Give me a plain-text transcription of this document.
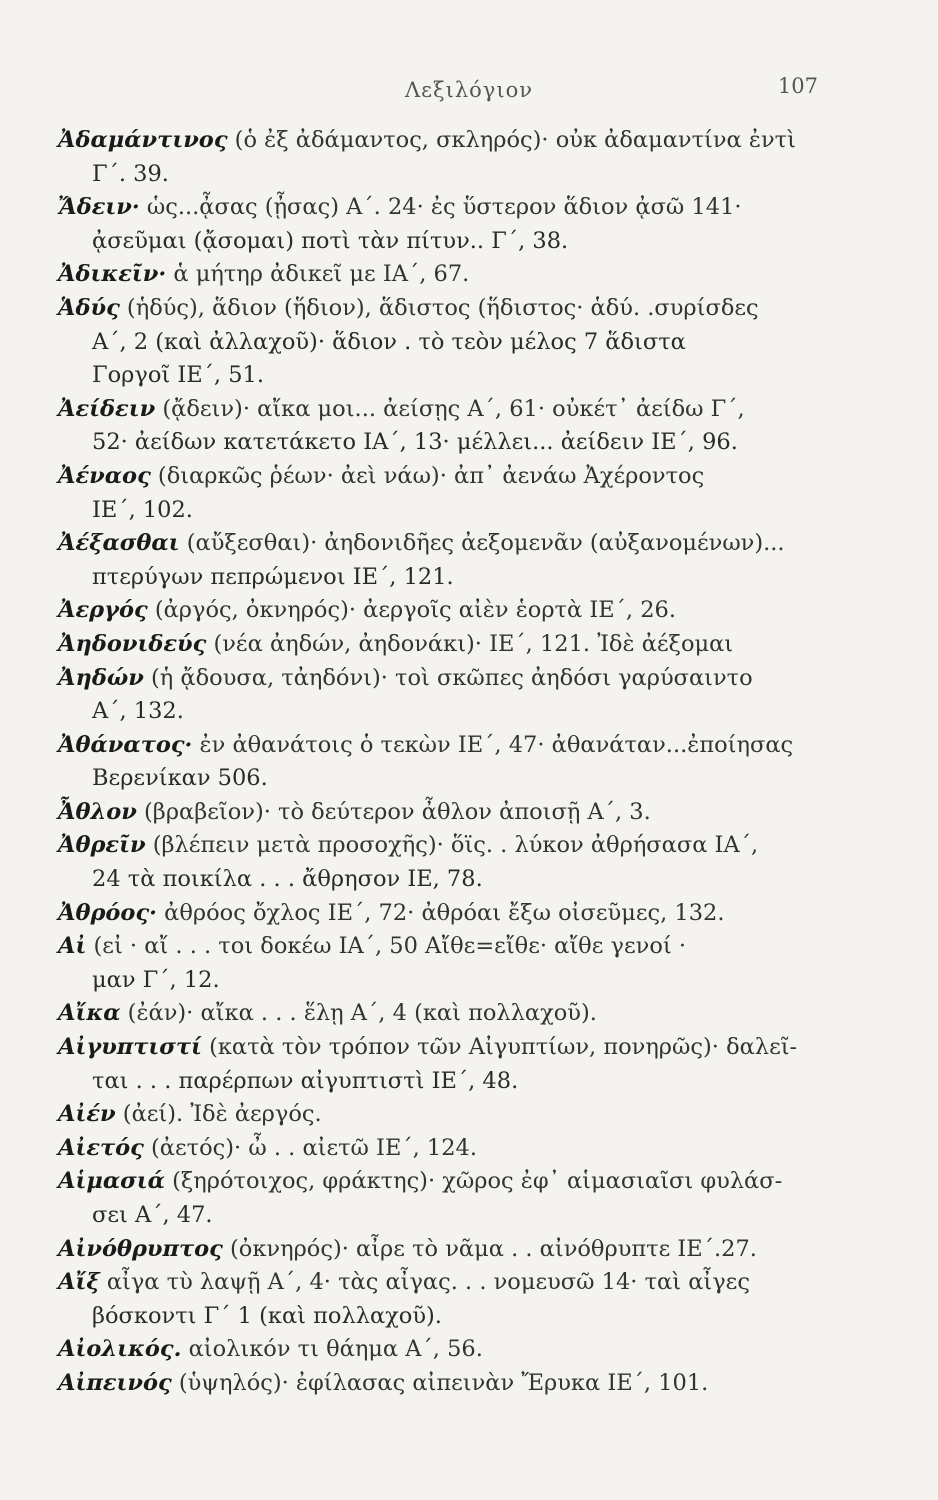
Λεξιλόγιον	107
Ἀδαμάντινος (ὁ ἐξ ἀδάμαντος, σκληρός)· οὐκ ἀδαμαντίνα ἐντὶ
Γ΄. 39.
Ἄδειν· ὡς...ᾆσας (ᾖσας) Α΄. 24· ἐς ὕστερον ἅδιον ᾀσῶ 141·
ᾀσεῦμαι (ᾄσομαι) ποτὶ τὰν πίτυν.. Γ΄, 38.
Ἀδικεῖν· ἁ μήτηρ ἀδικεῖ με ΙΑ΄, 67.
Ἁδύς (ἡδύς), ἅδιον (ἥδιον), ἅδιστος (ἥδιστος· ἁδύ. .συρίσδες
Α΄, 2 (καὶ ἀλλαχοῦ)· ἅδιον . τὸ τεὸν μέλος 7 ἅδιστα
Γοργοῖ ΙΕ΄, 51.
Ἀείδειν (ᾄδειν)· αἴκα μοι... ἀείσῃς Α΄, 61· οὐκέτ᾽ ἀείδω Γ΄,
52· ἀείδων κατετάκετο ΙΑ΄, 13· μέλλει... ἀείδειν ΙΕ΄, 96.
Ἀέναος (διαρκῶς ῥέων· ἀεὶ νάω)· ἀπ᾽ ἀενάω Ἀχέροντος
ΙΕ΄, 102.
Ἀέξασθαι (αὔξεσθαι)· ἀηδονιδῆες ἀεξομενᾶν (αὐξανομένων)...
πτερύγων πεπρώμενοι ΙΕ΄, 121.
Ἀεργός (ἀργός, ὀκνηρός)· ἀεργοῖς αἰὲν ἑορτὰ ΙΕ΄, 26.
Ἀηδονιδεύς (νέα ἀηδών, ἀηδονάκι)· ΙΕ΄, 121. Ἰδὲ ἀέξομαι
Ἀηδών (ἡ ᾄδουσα, τἀηδόνι)· τοὶ σκῶπες ἀηδόσι γαρύσαιντο
Α΄, 132.
Ἀθάνατος· ἐν ἀθανάτοις ὁ τεκὼν ΙΕ΄, 47· ἀθανάταν...ἐποίησας
Βερενίκαν 506.
Ἆθλον (βραβεῖον)· τὸ δεύτερον ἆθλον ἀποισῇ Α΄, 3.
Ἀθρεῖν (βλέπειν μετὰ προσοχῆς)· ὅϊς. . λύκον ἀθρήσασα ΙΑ΄,
24 τὰ ποικίλα . . . ἄθρησον ΙΕ, 78.
Ἀθρόος· ἀθρόος ὄχλος ΙΕ΄, 72· ἀθρόαι ἔξω οἰσεῦμες, 132.
Αἰ (εἰ · αἴ . . . τοι δοκέω ΙΑ΄, 50 Αἴθε=εἴθε· αἴθε γενοί ·
μαν Γ΄, 12.
Αἴκα (ἐάν)· αἴκα . . . ἕλῃ Α΄, 4 (καὶ πολλαχοῦ).
Αἰγυπτιστί (κατὰ τὸν τρόπον τῶν Αἰγυπτίων, πονηρῶς)· δαλεῖ-
ται . . . παρέρπων αἰγυπτιστὶ ΙΕ΄, 48.
Αἰέν (ἀεί). Ἰδὲ ἀεργός.
Αἰετός (ἀετός)· ὦ . . αἰετῶ ΙΕ΄, 124.
Αἱμασιά (ξηρότοιχος, φράκτης)· χῶρος ἐφ᾽ αἱμασιαῖσι φυλάσ-
σει Α΄, 47.
Αἰνόθρυπτος (ὀκνηρός)· αἶρε τὸ νᾶμα . . αἰνόθρυπτε ΙΕ΄.27.
Αἴξ αἶγα τὺ λαψῇ Α΄, 4· τὰς αἶγας. . . νομευσῶ 14· ταὶ αἶγες
βόσκοντι Γ΄ 1 (καὶ πολλαχοῦ).
Αἰολικός. αἰολικόν τι θάημα Α΄, 56.
Αἰπεινός (ὑψηλός)· ἐφίλασας αἰπεινὰν Ἔρυκα ΙΕ΄, 101.
